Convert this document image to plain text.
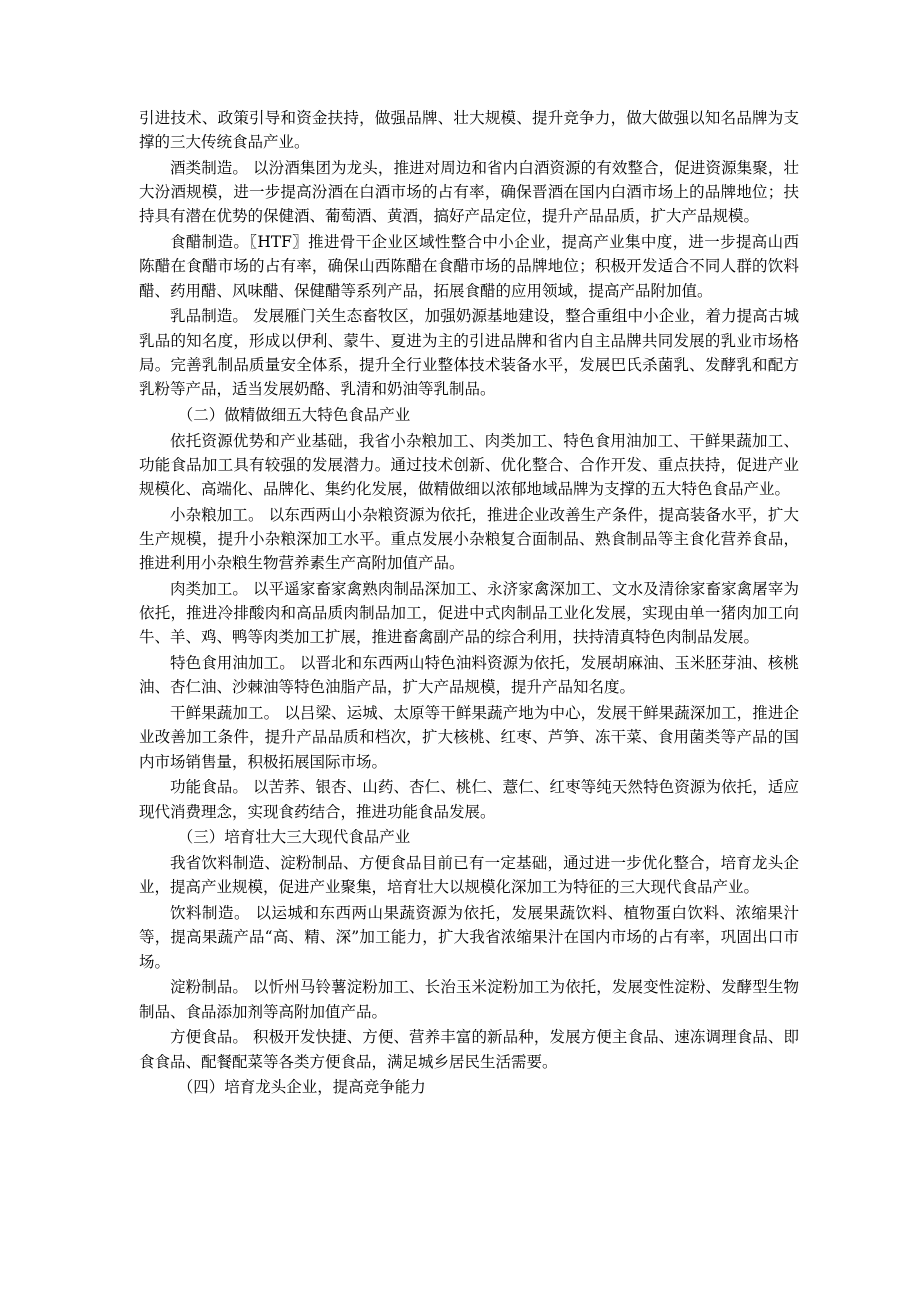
引进技术、政策引导和资金扶持，做强品牌、壮大规模、提升竞争力，做大做强以知名品牌为支撑的三大传统食品产业。

酒类制造。 以汾酒集团为龙头，推进对周边和省内白酒资源的有效整合，促进资源集聚，壮大汾酒规模，进一步提高汾酒在白酒市场的占有率，确保晋酒在国内白酒市场上的品牌地位；扶持具有潜在优势的保健酒、葡萄酒、黄酒，搞好产品定位，提升产品品质，扩大产品规模。

食醋制造。〖HTF〗推进骨干企业区域性整合中小企业，提高产业集中度，进一步提高山西陈醋在食醋市场的占有率，确保山西陈醋在食醋市场的品牌地位；积极开发适合不同人群的饮料醋、药用醋、风味醋、保健醋等系列产品，拓展食醋的应用领域，提高产品附加值。

乳品制造。 发展雁门关生态畜牧区，加强奶源基地建设，整合重组中小企业，着力提高古城乳品的知名度，形成以伊利、蒙牛、夏进为主的引进品牌和省内自主品牌共同发展的乳业市场格局。完善乳制品质量安全体系，提升全行业整体技术装备水平，发展巴氏杀菌乳、发酵乳和配方乳粉等产品，适当发展奶酪、乳清和奶油等乳制品。

（二）做精做细五大特色食品产业

依托资源优势和产业基础，我省小杂粮加工、肉类加工、特色食用油加工、干鲜果蔬加工、功能食品加工具有较强的发展潜力。通过技术创新、优化整合、合作开发、重点扶持，促进产业规模化、高端化、品牌化、集约化发展，做精做细以浓郁地域品牌为支撑的五大特色食品产业。

小杂粮加工。 以东西两山小杂粮资源为依托，推进企业改善生产条件，提高装备水平，扩大生产规模，提升小杂粮深加工水平。重点发展小杂粮复合面制品、熟食制品等主食化营养食品，推进利用小杂粮生物营养素生产高附加值产品。

肉类加工。 以平遥家畜家禽熟肉制品深加工、永济家禽深加工、文水及清徐家畜家禽屠宰为依托，推进冷排酸肉和高品质肉制品加工，促进中式肉制品工业化发展，实现由单一猪肉加工向牛、羊、鸡、鸭等肉类加工扩展，推进畜禽副产品的综合利用，扶持清真特色肉制品发展。

特色食用油加工。 以晋北和东西两山特色油料资源为依托，发展胡麻油、玉米胚芽油、核桃油、杏仁油、沙棘油等特色油脂产品，扩大产品规模，提升产品知名度。

干鲜果蔬加工。 以吕梁、运城、太原等干鲜果蔬产地为中心，发展干鲜果蔬深加工，推进企业改善加工条件，提升产品品质和档次，扩大核桃、红枣、芦笋、冻干菜、食用菌类等产品的国内市场销售量，积极拓展国际市场。

功能食品。 以苦荞、银杏、山药、杏仁、桃仁、薏仁、红枣等纯天然特色资源为依托，适应现代消费理念，实现食药结合，推进功能食品发展。

（三）培育壮大三大现代食品产业

我省饮料制造、淀粉制品、方便食品目前已有一定基础，通过进一步优化整合，培育龙头企业，提高产业规模，促进产业聚集，培育壮大以规模化深加工为特征的三大现代食品产业。

饮料制造。 以运城和东西两山果蔬资源为依托，发展果蔬饮料、植物蛋白饮料、浓缩果汁等，提高果蔬产品“高、精、深”加工能力，扩大我省浓缩果汁在国内市场的占有率，巩固出口市场。

淀粉制品。 以忻州马铃薯淀粉加工、长治玉米淀粉加工为依托，发展变性淀粉、发酵型生物制品、食品添加剂等高附加值产品。

方便食品。 积极开发快捷、方便、营养丰富的新品种，发展方便主食品、速冻调理食品、即食食品、配餐配菜等各类方便食品，满足城乡居民生活需要。

（四）培育龙头企业，提高竞争能力
